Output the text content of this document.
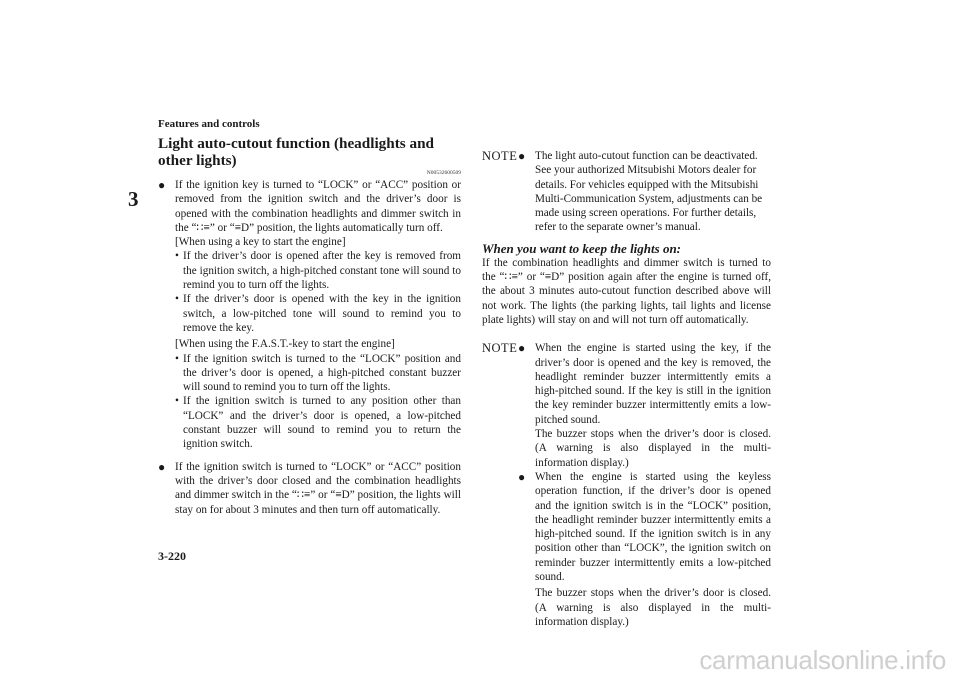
Features and controls
3
Light auto-cutout function (headlights and other lights)
N00532600509
● If the ignition key is turned to “LOCK” or “ACC” position or removed from the ignition switch and the driver’s door is opened with the combination headlights and dimmer switch in the “∷≡” or “≡D” position, the lights automatically turn off.

[When using a key to start the engine]

• If the driver’s door is opened after the key is removed from the ignition switch, a high-pitched constant tone will sound to remind you to turn off the lights.

• If the driver’s door is opened with the key in the ignition switch, a low-pitched tone will sound to remind you to remove the key.

[When using the F.A.S.T.-key to start the engine]

• If the ignition switch is turned to the “LOCK” position and the driver’s door is opened, a high-pitched constant buzzer will sound to remind you to turn off the lights.

• If the ignition switch is turned to any position other than “LOCK” and the driver’s door is opened, a low-pitched constant buzzer will sound to remind you to return the ignition switch.

● If the ignition switch is turned to “LOCK” or “ACC” position with the driver’s door closed and the combination headlights and dimmer switch in the “∷≡” or “≡D” position, the lights will stay on for about 3 minutes and then turn off automatically.

NOTE ● The light auto-cutout function can be deactivated. See your authorized Mitsubishi Motors dealer for details. For vehicles equipped with the Mitsubishi Multi-Communication System, adjustments can be made using screen operations. For further details, refer to the separate owner’s manual.

When you want to keep the lights on:

If the combination headlights and dimmer switch is turned to the “∷≡” or “≡D” position again after the engine is turned off, the about 3 minutes auto-cutout function described above will not work. The lights (the parking lights, tail lights and license plate lights) will stay on and will not turn off automatically.

NOTE ● When the engine is started using the key, if the driver’s door is opened and the key is removed, the headlight reminder buzzer intermittently emits a high-pitched sound. If the key is still in the ignition the key reminder buzzer intermittently emits a low-pitched sound.

The buzzer stops when the driver’s door is closed. (A warning is also displayed in the multi-information display.)

● When the engine is started using the keyless operation function, if the driver’s door is opened and the ignition switch is in the “LOCK” position, the headlight reminder buzzer intermittently emits a high-pitched sound. If the ignition switch is in any position other than “LOCK”, the ignition switch on reminder buzzer intermittently emits a low-pitched sound.

The buzzer stops when the driver’s door is closed. (A warning is also displayed in the multi-information display.)

3-220
carmanualsonline.info
